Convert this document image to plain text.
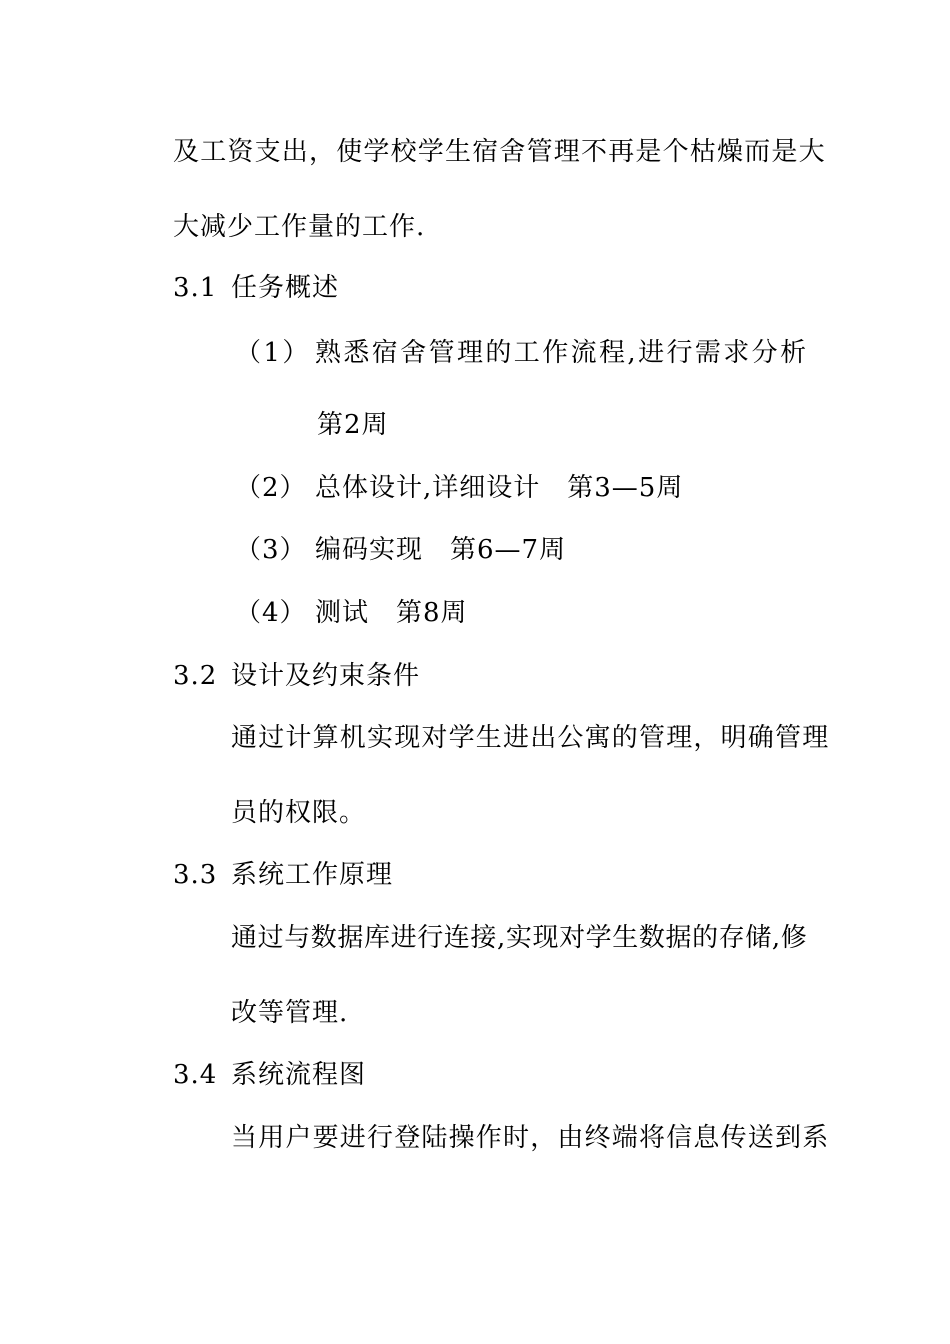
及工资支出，使学校学生宿舍管理不再是个枯燥而是大
大减少工作量的工作.
3.1 任务概述
（1） 熟悉宿舍管理的工作流程,进行需求分析
第2周
（2） 总体设计,详细设计　第3—5周
（3） 编码实现　第6—7周
（4） 测试　第8周
3.2 设计及约束条件
通过计算机实现对学生进出公寓的管理，明确管理
员的权限。
3.3 系统工作原理
通过与数据库进行连接,实现对学生数据的存储,修
改等管理.
3.4 系统流程图
当用户要进行登陆操作时，由终端将信息传送到系
